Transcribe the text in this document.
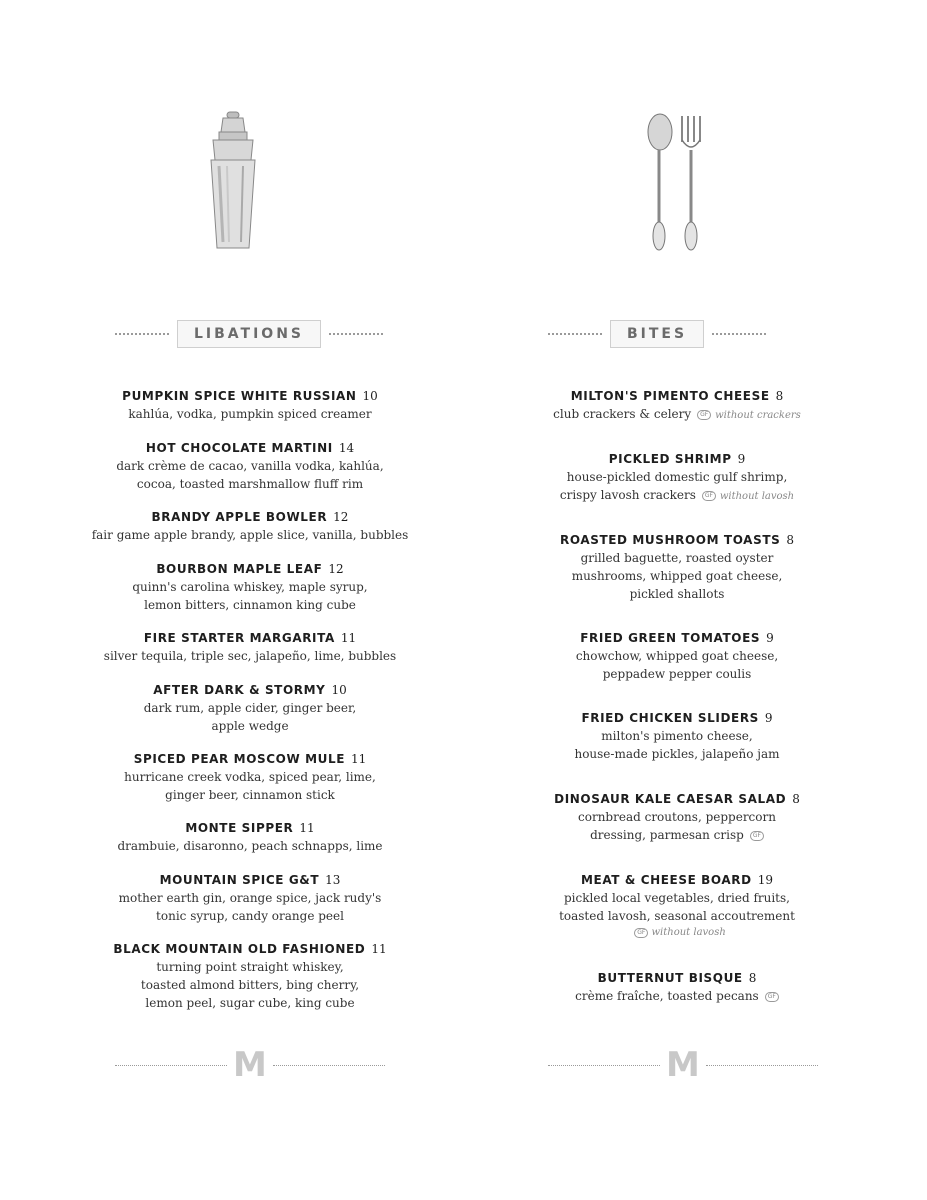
LIBATIONS	BITES
PUMPKIN SPICE WHITE RUSSIAN 10
kahlúa, vodka, pumpkin spiced creamer
HOT CHOCOLATE MARTINI 14
dark crème de cacao, vanilla vodka, kahlúa,
cocoa, toasted marshmallow fluff rim
BRANDY APPLE BOWLER 12
fair game apple brandy, apple slice, vanilla, bubbles
BOURBON MAPLE LEAF 12
quinn's carolina whiskey, maple syrup,
lemon bitters, cinnamon king cube
FIRE STARTER MARGARITA 11
silver tequila, triple sec, jalapeño, lime, bubbles
AFTER DARK & STORMY 10
dark rum, apple cider, ginger beer,
apple wedge
SPICED PEAR MOSCOW MULE 11
hurricane creek vodka, spiced pear, lime,
ginger beer, cinnamon stick
MONTE SIPPER 11
drambuie, disaronno, peach schnapps, lime
MOUNTAIN SPICE G&T 13
mother earth gin, orange spice, jack rudy's
tonic syrup, candy orange peel
BLACK MOUNTAIN OLD FASHIONED 11
turning point straight whiskey,
toasted almond bitters, bing cherry,
lemon peel, sugar cube, king cube
MILTON'S PIMENTO CHEESE 8
club crackers & celery GF without crackers
PICKLED SHRIMP 9
house-pickled domestic gulf shrimp,
crispy lavosh crackers GF without lavosh
ROASTED MUSHROOM TOASTS 8
grilled baguette, roasted oyster
mushrooms, whipped goat cheese,
pickled shallots
FRIED GREEN TOMATOES 9
chowchow, whipped goat cheese,
peppadew pepper coulis
FRIED CHICKEN SLIDERS 9
milton's pimento cheese,
house-made pickles, jalapeño jam
DINOSAUR KALE CAESAR SALAD 8
cornbread croutons, peppercorn
dressing, parmesan crisp GF
MEAT & CHEESE BOARD 19
pickled local vegetables, dried fruits,
toasted lavosh, seasonal accoutrement
GF without lavosh
BUTTERNUT BISQUE 8
crème fraîche, toasted pecans GF
M	M
